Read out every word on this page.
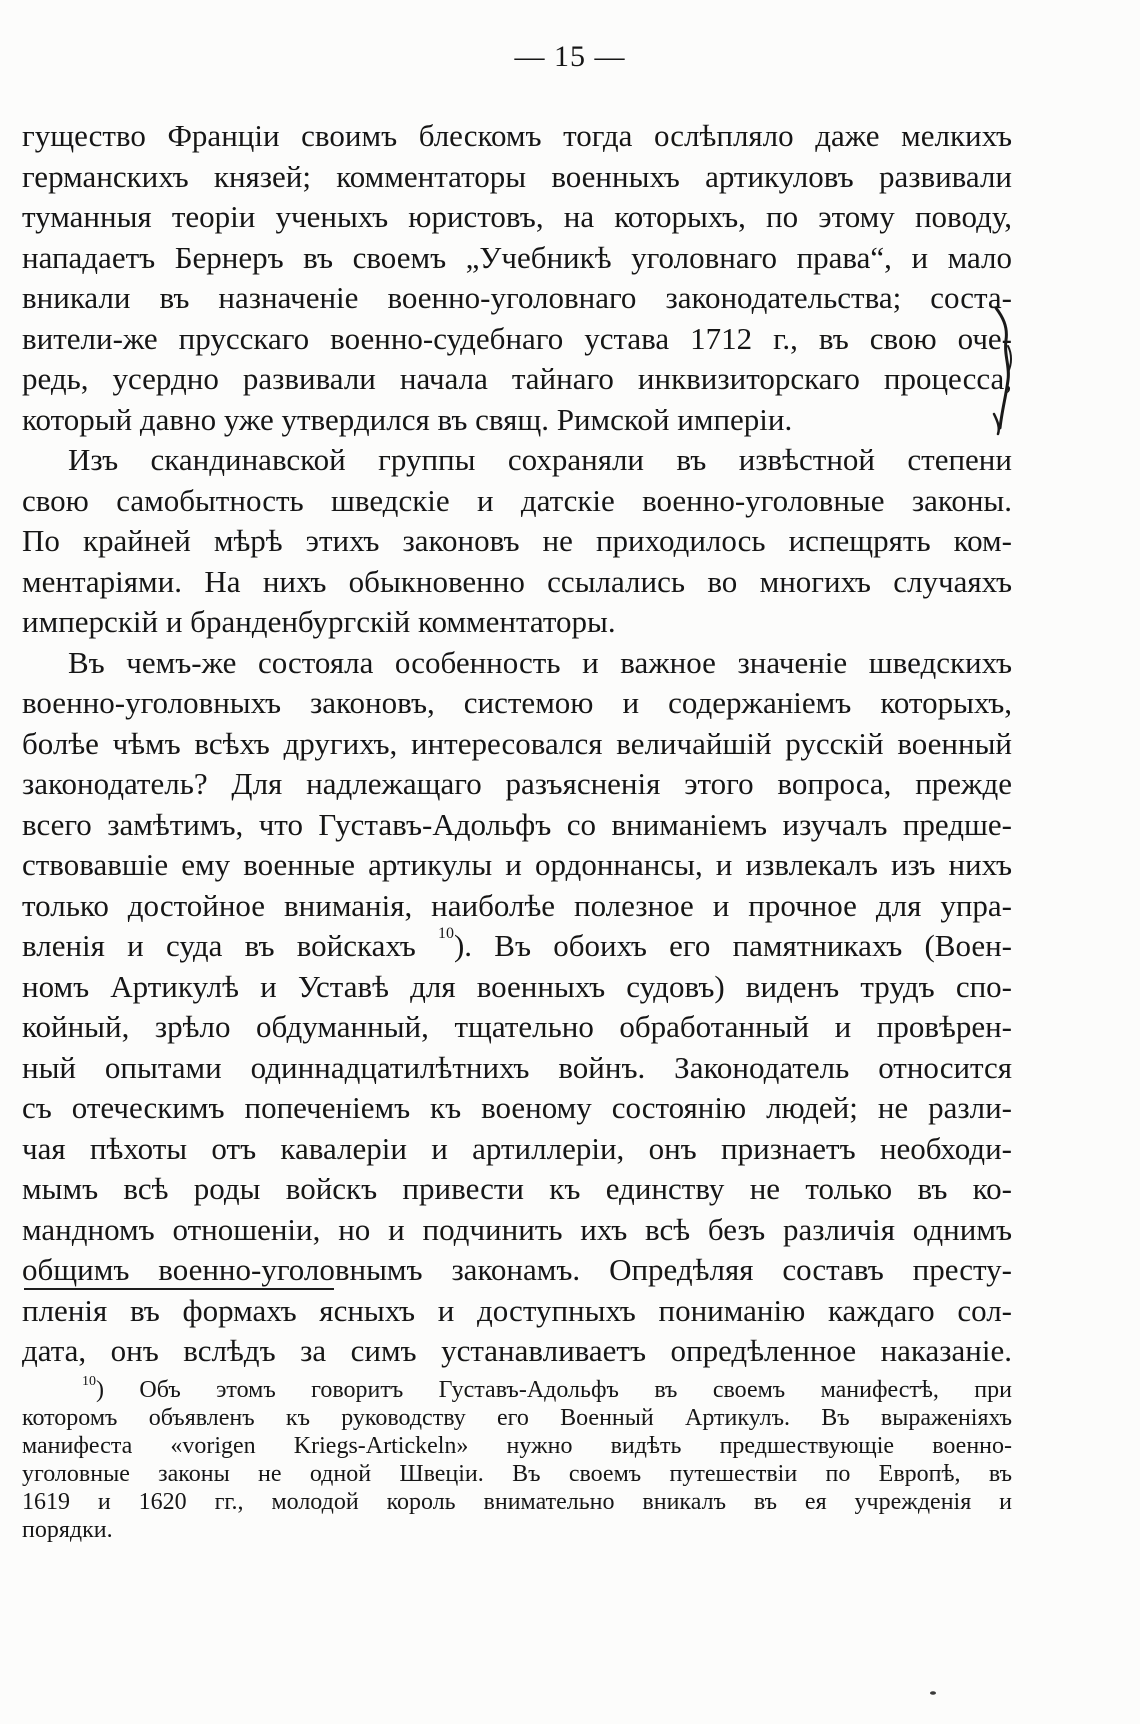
— 15 —
гущество Франціи своимъ блескомъ тогда ослѣпляло даже мелкихъ
германскихъ князей; комментаторы военныхъ артикуловъ развивали
туманныя теоріи ученыхъ юристовъ, на которыхъ, по этому поводу,
нападаетъ Бернеръ въ своемъ „Учебникѣ уголовнаго права“, и мало
вникали въ назначеніе военно-уголовнаго законодательства; соста-
вители-же прусскаго военно-судебнаго устава 1712 г., въ свою оче-
редь, усердно развивали начала тайнаго инквизиторскаго процесса,
который давно уже утвердился въ свящ. Римской имперіи.
Изъ скандинавской группы сохраняли въ извѣстной степени
свою самобытность шведскіе и датскіе военно-уголовные законы.
По крайней мѣрѣ этихъ законовъ не приходилось испещрять ком-
ментаріями. На нихъ обыкновенно ссылались во многихъ случаяхъ
имперскій и бранденбургскій комментаторы.
Въ чемъ-же состояла особенность и важное значеніе шведскихъ
военно-уголовныхъ законовъ, системою и содержаніемъ которыхъ,
болѣе чѣмъ всѣхъ другихъ, интересовался величайшій русскій военный
законодатель? Для надлежащаго разъясненія этого вопроса, прежде
всего замѣтимъ, что Густавъ-Адольфъ со вниманіемъ изучалъ предше-
ствовавшіе ему военные артикулы и ордоннансы, и извлекалъ изъ нихъ
только достойное вниманія, наиболѣе полезное и прочное для упра-
вленія и суда въ войскахъ $^{10}$). Въ обоихъ его памятникахъ (Воен-
номъ Артикулѣ и Уставѣ для военныхъ судовъ) виденъ трудъ спо-
койный, зрѣло обдуманный, тщательно обработанный и провѣрен-
ный опытами одиннадцатилѣтнихъ войнъ. Законодатель относится
съ отеческимъ попеченіемъ къ военому состоянію людей; не разли-
чая пѣхоты отъ кавалеріи и артиллеріи, онъ признаетъ необходи-
мымъ всѣ роды войскъ привести къ единству не только въ ко-
мандномъ отношеніи, но и подчинить ихъ всѣ безъ различія однимъ
общимъ военно-уголовнымъ законамъ. Опредѣляя составъ престу-
пленія въ формахъ ясныхъ и доступныхъ пониманію каждаго сол-
дата, онъ вслѣдъ за симъ устанавливаетъ опредѣленное наказаніе.
$^{10}$) Объ этомъ говоритъ Густавъ-Адольфъ въ своемъ манифестѣ, при
которомъ объявленъ къ руководству его Военный Артикулъ. Въ выраженіяхъ
манифеста «vorigen Kriegs-Artickeln» нужно видѣть предшествующіе военно-
уголовные законы не одной Швеціи. Въ своемъ путешествіи по Европѣ, въ
1619 и 1620 гг., молодой король внимательно вникалъ въ ея учрежденія и
порядки.
